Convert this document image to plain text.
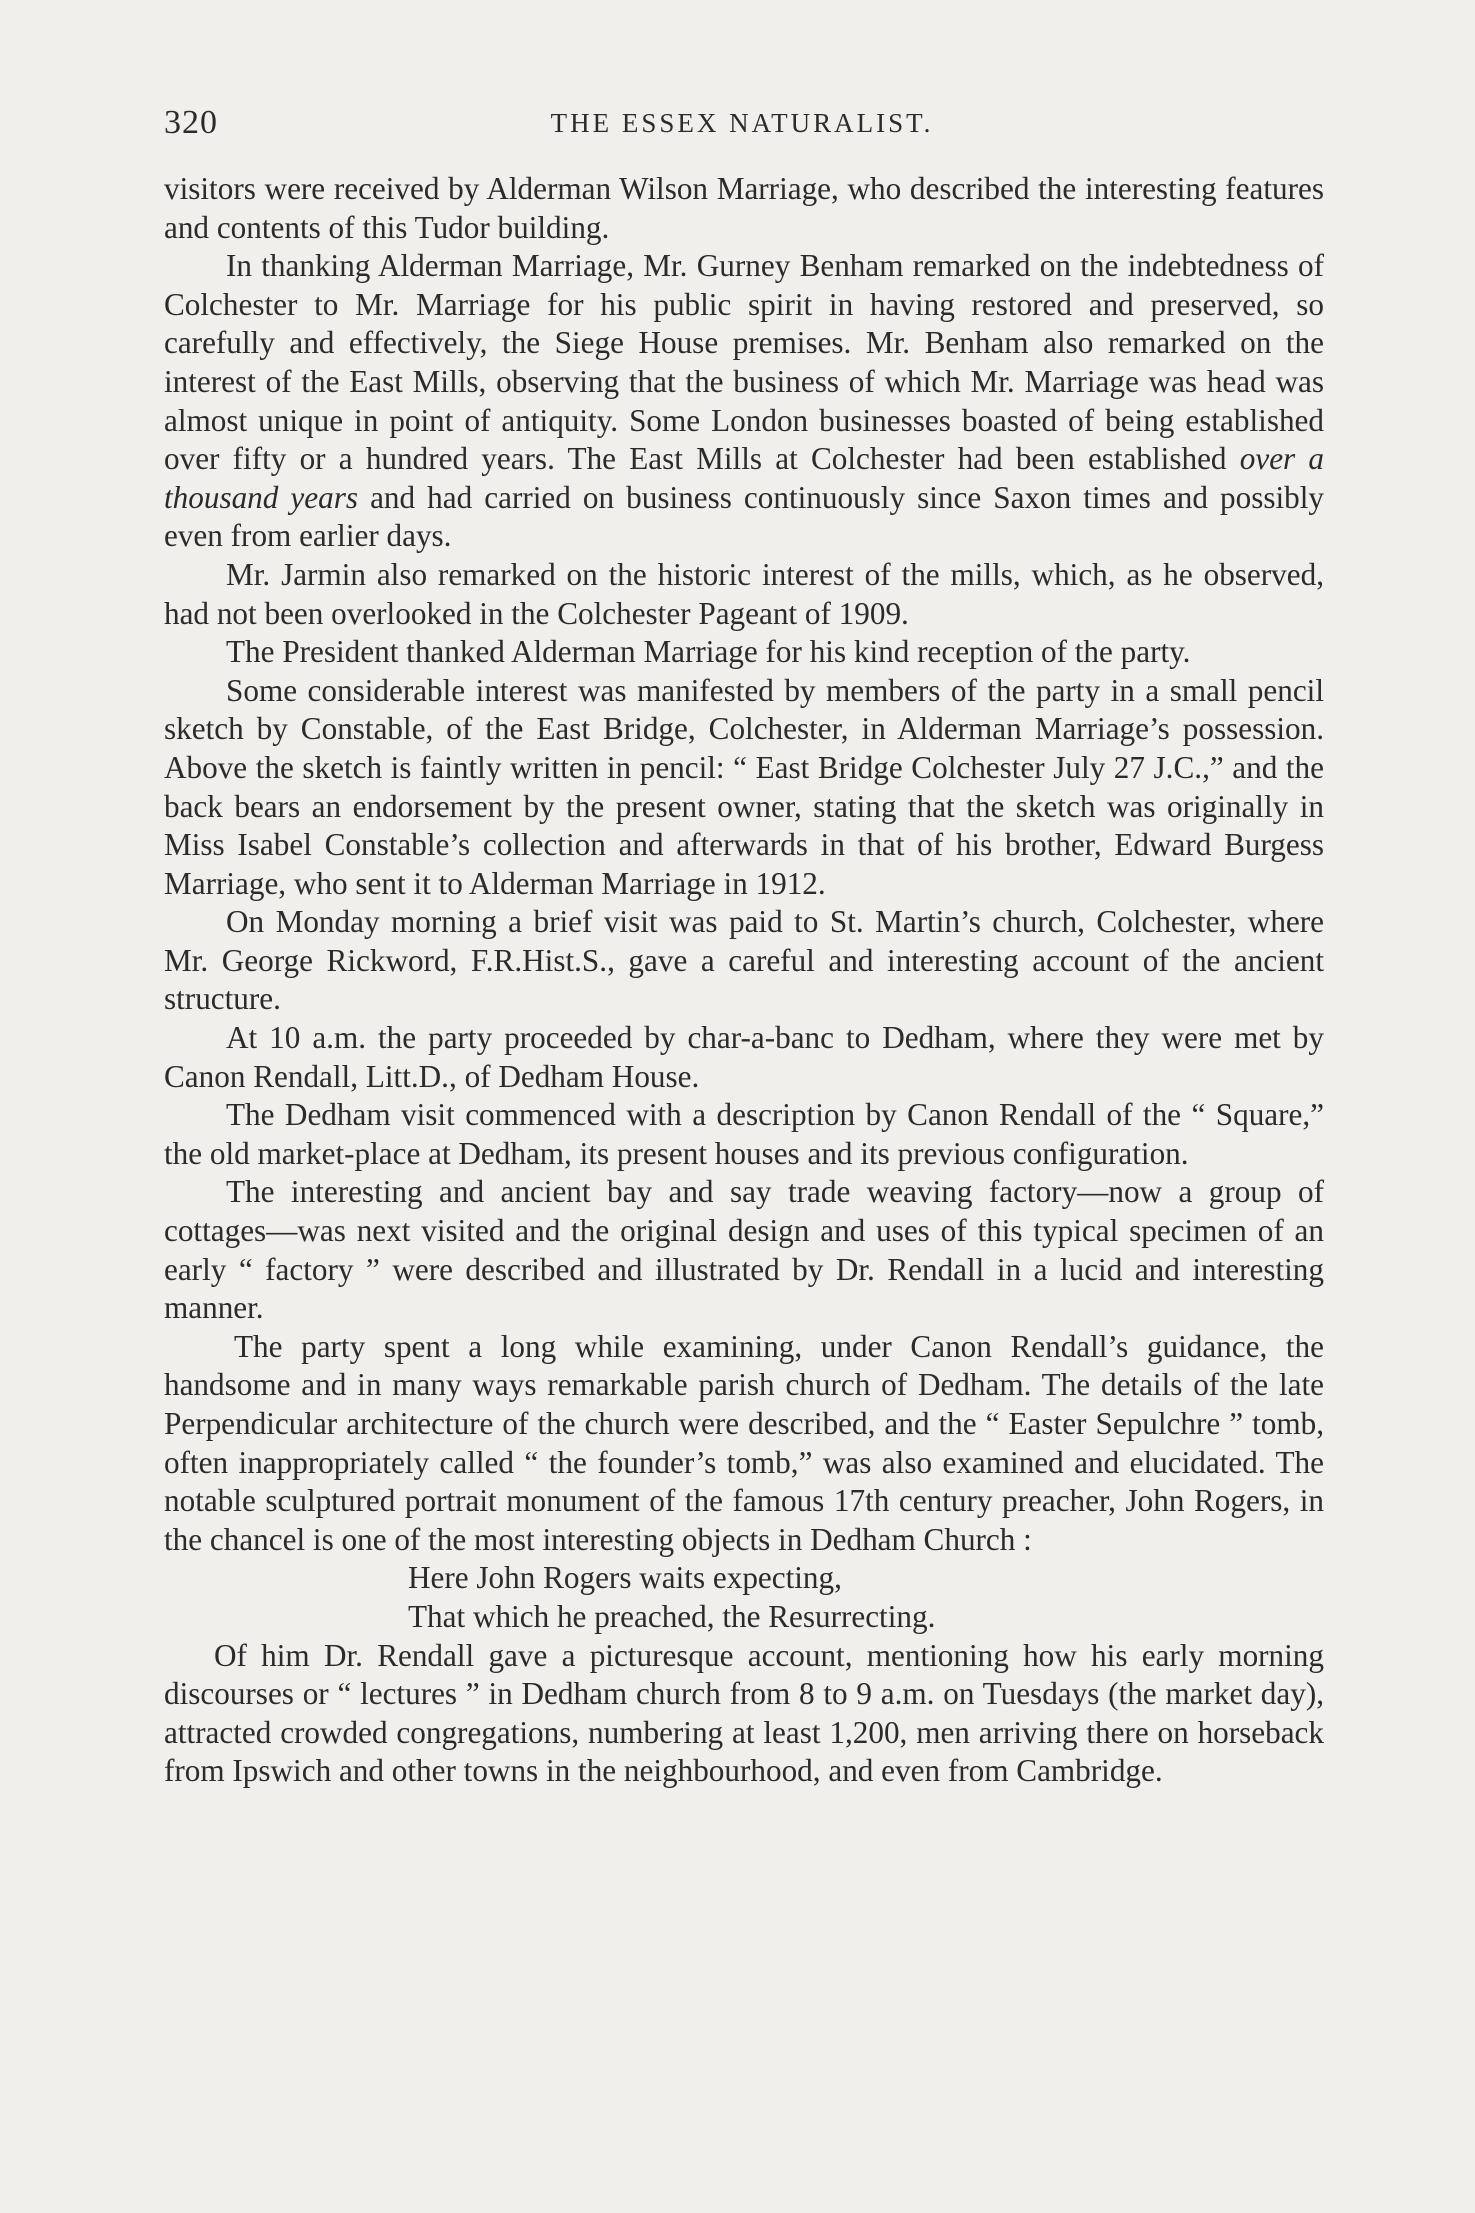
320	THE ESSEX NATURALIST.

visitors were received by Alderman Wilson Marriage, who described the interesting features and contents of this Tudor building.

In thanking Alderman Marriage, Mr. Gurney Benham remarked on the indebtedness of Colchester to Mr. Marriage for his public spirit in having restored and preserved, so carefully and effectively, the Siege House premises. Mr. Benham also remarked on the interest of the East Mills, observing that the business of which Mr. Marriage was head was almost unique in point of antiquity. Some London businesses boasted of being established over fifty or a hundred years. The East Mills at Colchester had been established over a thousand years and had carried on business continuously since Saxon times and possibly even from earlier days.

Mr. Jarmin also remarked on the historic interest of the mills, which, as he observed, had not been overlooked in the Colchester Pageant of 1909.

The President thanked Alderman Marriage for his kind reception of the party.

Some considerable interest was manifested by members of the party in a small pencil sketch by Constable, of the East Bridge, Colchester, in Alderman Marriage’s possession. Above the sketch is faintly written in pencil: “ East Bridge Colchester July 27 J.C.,” and the back bears an endorsement by the present owner, stating that the sketch was originally in Miss Isabel Constable’s collection and afterwards in that of his brother, Edward Burgess Marriage, who sent it to Alderman Marriage in 1912.

On Monday morning a brief visit was paid to St. Martin’s church, Colchester, where Mr. George Rickword, F.R.Hist.S., gave a careful and interesting account of the ancient structure.

At 10 a.m. the party proceeded by char-a-banc to Dedham, where they were met by Canon Rendall, Litt.D., of Dedham House.

The Dedham visit commenced with a description by Canon Rendall of the “ Square,” the old market-place at Dedham, its present houses and its previous configuration.

The interesting and ancient bay and say trade weaving factory—now a group of cottages—was next visited and the original design and uses of this typical specimen of an early “ factory ” were described and illustrated by Dr. Rendall in a lucid and interesting manner.

The party spent a long while examining, under Canon Rendall’s guidance, the handsome and in many ways remarkable parish church of Dedham. The details of the late Perpendicular architecture of the church were described, and the “ Easter Sepulchre ” tomb, often inappropriately called “ the founder’s tomb,” was also examined and elucidated. The notable sculptured portrait monument of the famous 17th century preacher, John Rogers, in the chancel is one of the most interesting objects in Dedham Church :

Here John Rogers waits expecting,
That which he preached, the Resurrecting.

Of him Dr. Rendall gave a picturesque account, mentioning how his early morning discourses or “ lectures ” in Dedham church from 8 to 9 a.m. on Tuesdays (the market day), attracted crowded congregations, numbering at least 1,200, men arriving there on horseback from Ipswich and other towns in the neighbourhood, and even from Cambridge.
